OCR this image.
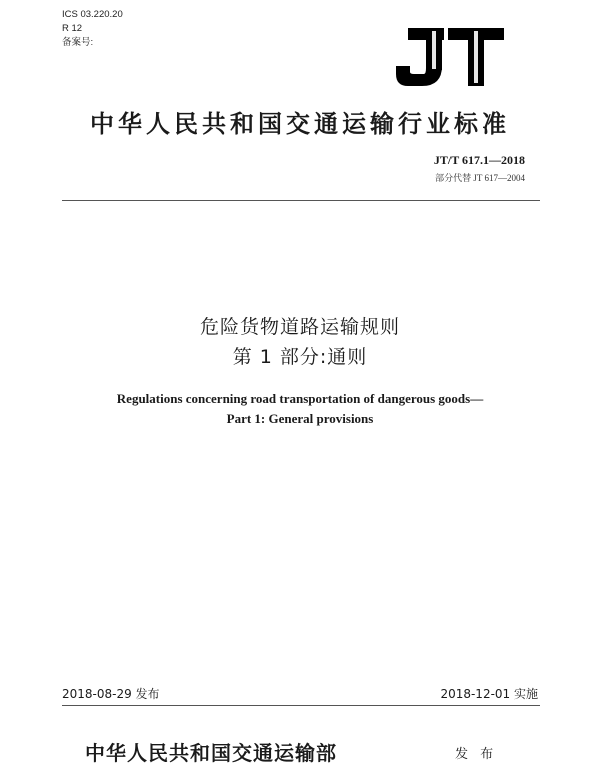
ICS 03.220.20
R 12
备案号:
中华人民共和国交通运输行业标准
JT/T 617.1—2018
部分代替 JT 617—2004
危险货物道路运输规则
第 1 部分:通则
Regulations concerning road transportation of dangerous goods—
Part 1: General provisions
2018-08-29 发布	2018-12-01 实施
中华人民共和国交通运输部	发 布
